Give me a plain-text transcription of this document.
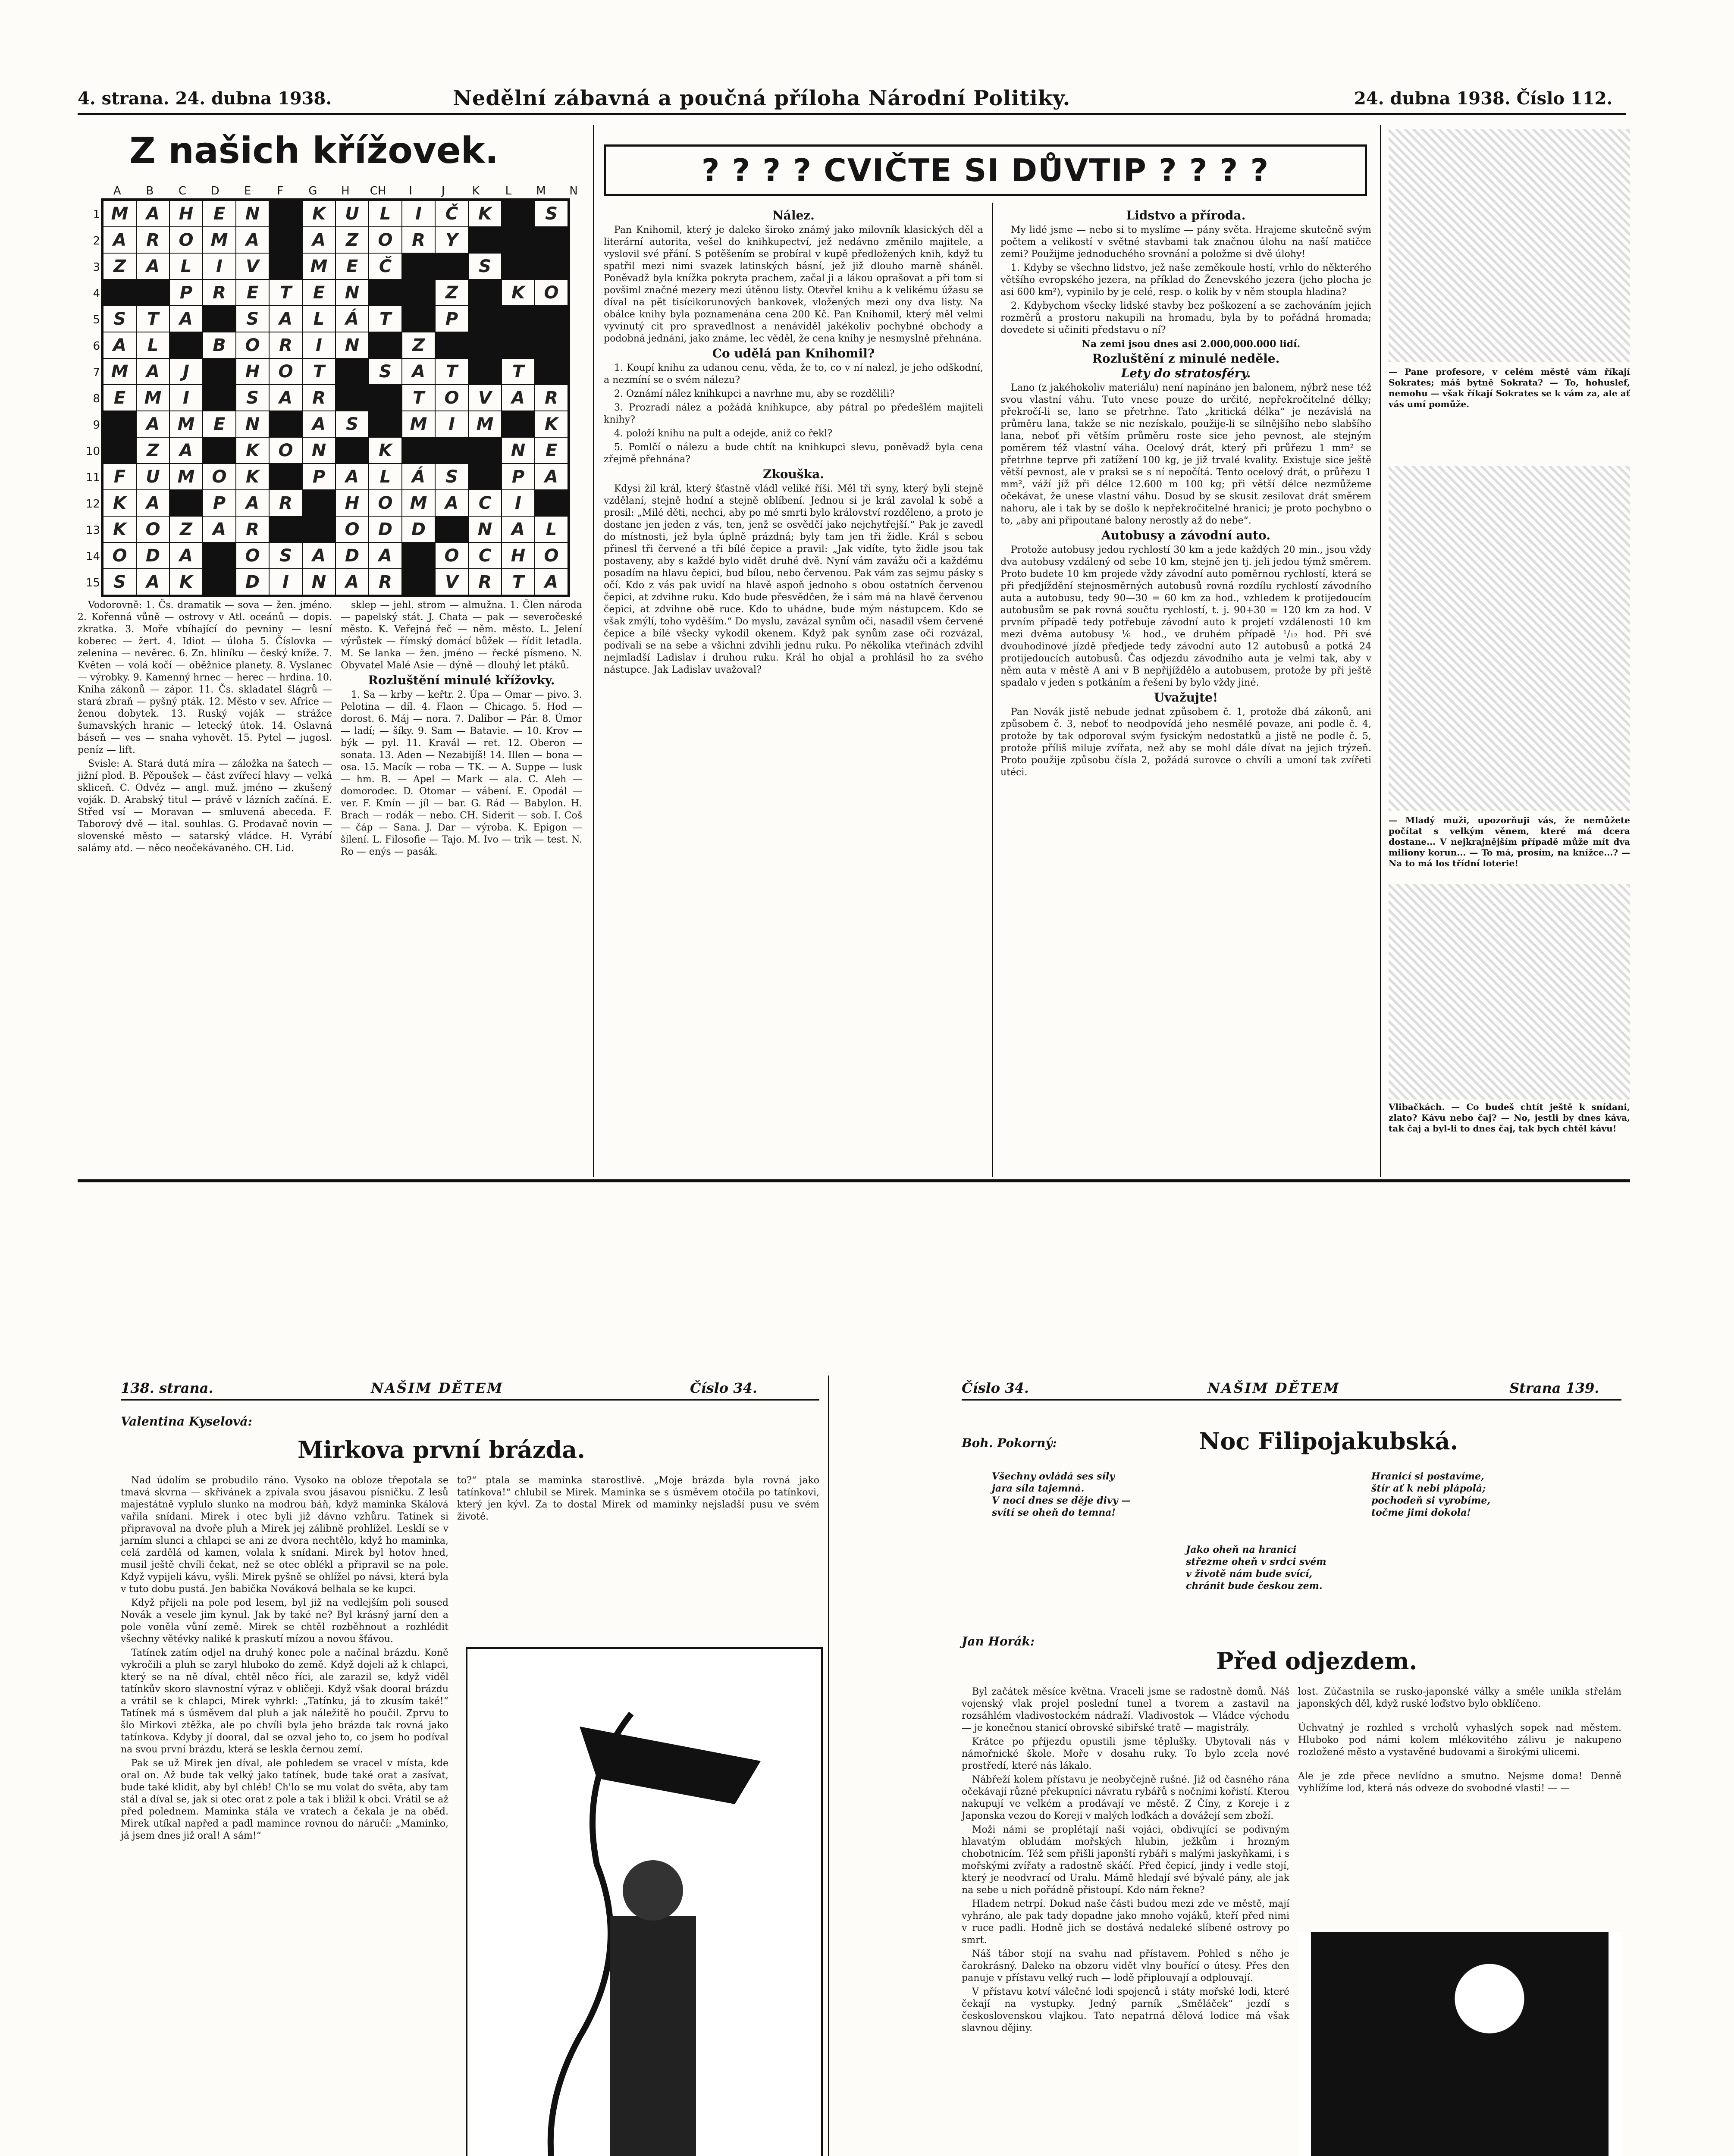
4. strana. 24. dubna 1938.	Nedělní zábavná a poučná příloha Národní Politiky.	24. dubna 1938. Číslo 112.
Z našich křížovek.
A	B	C	D	E	F	G	H	CH	I	J	K	L	M	N
1
2
3
4
5
6
7
8
9
10
11
12
13
14
15
M	A	H	E	N		K	U	L	I	Č	K		S
A	R	O	M	A		A	Z	O	R	Y			
Z	A	L	I	V		M	E	Č			S		
		P	R	E	T	E	N			Z		K	O
S	T	A		S	A	L	Á	T		P			
A	L		B	O	R	I	N		Z				
M	A	J		H	O	T		S	A	T		T	
E	M	I		S	A	R			T	O	V	A	R
	A	M	E	N		A	S		M	I	M		K
	Z	A		K	O	N		K				N	E
F	U	M	O	K		P	A	L	Á	S		P	A
K	A		P	A	R		H	O	M	A	C	I	
K	O	Z	A	R			O	D	D		N	A	L
O	D	A		O	S	A	D	A		O	C	H	O
S	A	K		D	I	N	A	R		V	R	T	A

Vodorovně: 1. Čs. dramatik — sova — žen. jméno. 2. Kořenná vůně — ostrovy v Atl. oceánů — dopis. zkratka. 3. Moře vbíhající do pevniny — lesní koberec — žert. 4. Idiot — úloha 5. Číslovka — zelenina — nevěrec. 6. Zn. hliníku — český kníže. 7. Květen — volá kočí — oběžnice planety. 8. Vyslanec — výrobky. 9. Kamenný hrnec — herec — hrdina. 10. Kniha zákonů — zápor. 11. Čs. skladatel šlágrů — stará zbraň — pyšný pták. 12. Město v sev. Africe — ženou dobytek. 13. Ruský voják — strážce šumavských hranic — letecký útok. 14. Oslavná báseň — ves — snaha vyhovět. 15. Pytel — jugosl. peníz — lift.

Svisle: A. Stará dutá míra — záložka na šatech — jižní plod. B. Pěpoušek — část zvířecí hlavy — velká skliceň. C. Odvéz — angl. muž. jméno — zkušený voják. D. Arabský titul — právě v lázních začíná. E. Střed vsí — Moravan — smluvená abeceda. F. Taborový dvě — ital. souhlas. G. Prodavač novin — slovenské město — satarský vládce. H. Vyrábí salámy atd. — něco neočekávaného. CH. Lid.

sklep — jehl. strom — almužna. 1. Člen národa — papelský stát. J. Chata — pak — severočeské město. K. Veřejná řeč — něm. město. L. Jelení výrůstek — římský domácí bůžek — řídit letadla. M. Se lanka — žen. jméno — řecké písmeno. N. Obyvatel Malé Asie — dýně — dlouhý let ptáků.

Rozluštění minulé křížovky.

1. Sa — krby — keřtr. 2. Úpa — Omar — pivo. 3. Pelotina — díl. 4. Flaon — Chicago. 5. Hod — dorost. 6. Máj — nora. 7. Dalibor — Pár. 8. Úmor — ladí; — šíky. 9. Sam — Batavie. — 10. Krov — býk — pyl. 11. Kravál — ret. 12. Oberon — sonata. 13. Aden — Nezabijíš! 14. Illen — bona — osa. 15. Macík — roba — TK. — A. Suppe — lusk — hm. B. — Apel — Mark — ala. C. Aleh — domorodec. D. Otomar — vábení. E. Opodál — ver. F. Kmín — jíl — bar. G. Rád — Babylon. H. Brach — rodák — nebo. CH. Siderit — sob. I. Coš — čáp — Sana. J. Dar — výroba. K. Epigon — šílení. L. Filosofie — Tajo. M. Ivo — trik — test. N. Ro — enýs — pasák.

? ? ? ? CVIČTE SI DŮVTIP ? ? ? ?
Nález.

Pan Knihomil, který je daleko široko známý jako milovník klasických děl a literární autorita, vešel do knihkupectví, jež nedávno změnilo majitele, a vyslovil své přání. S potěšením se probíral v kupě předložených knih, když tu spatřil mezi nimi svazek latinských básní, jež již dlouho marně sháněl. Poněvadž byla knížka pokryta prachem, začal ji a lákou oprašovat a při tom si povšiml značné mezery mezi útěnou listy. Otevřel knihu a k velikému úžasu se díval na pět tisícikorunových bankovek, vložených mezi ony dva listy. Na obálce knihy byla poznamenána cena 200 Kč. Pan Knihomil, který měl velmi vyvinutý cit pro spravedlnost a nenáviděl jakékoliv pochybné obchody a podobná jednání, jako známe, lec věděl, že cena knihy je nesmyslně přehnána.

Co udělá pan Knihomil?

1. Koupí knihu za udanou cenu, věda, že to, co v ní nalezl, je jeho odškodní, a nezmíní se o svém nálezu?

2. Oznámí nález knihkupci a navrhne mu, aby se rozdělili?

3. Prozradí nález a požádá knihkupce, aby pátral po předešlém majiteli knihy?

4. položí knihu na pult a odejde, aniž co řekl?

5. Pomlčí o nálezu a bude chtít na knihkupci slevu, poněvadž byla cena zřejmě přehnána?

Zkouška.

Kdysi žil král, který šťastně vládl veliké říši. Měl tři syny, který byli stejně vzdělaní, stejně hodní a stejně oblíbení. Jednou si je král zavolal k sobě a prosil: „Milé děti, nechci, aby po mé smrti bylo království rozděleno, a proto je dostane jen jeden z vás, ten, jenž se osvědčí jako nejchytřejší.“ Pak je zavedl do místnosti, jež byla úplně prázdná; byly tam jen tři židle. Král s sebou přinesl tři červené a tři bílé čepice a pravil: „Jak vidíte, tyto židle jsou tak postaveny, aby s každé bylo vidět druhé dvě. Nyní vám zavážu oči a každému posadím na hlavu čepici, bud bílou, nebo červenou. Pak vám zas sejmu pásky s očí. Kdo z vás pak uvidí na hlavě aspoň jednoho s obou ostatních červenou čepici, at zdvihne ruku. Kdo bude přesvědčen, že i sám má na hlavě červenou čepici, at zdvihne obě ruce. Kdo to uhádne, bude mým nástupcem. Kdo se však zmýlí, toho vyděším.“ Do myslu, zavázal synům oči, nasadil všem červené čepice a bílé všecky vykodil okenem. Když pak synům zase oči rozvázal, podívali se na sebe a všichni zdvihli jednu ruku. Po několika vteřinách zdvihl nejmladší Ladislav i druhou ruku. Král ho objal a prohlásil ho za svého nástupce. Jak Ladislav uvažoval?

Lidstvo a příroda.

My lidé jsme — nebo si to myslíme — pány světa. Hrajeme skutečně svým počtem a velikostí v světné stavbami tak značnou úlohu na naší matičce zemi? Použijme jednoduchého srovnání a položme si dvě úlohy!

1. Kdyby se všechno lidstvo, jež naše zeměkoule hostí, vrhlo do některého většího evropského jezera, na příklad do Ženevského jezera (jeho plocha je asi 600 km²), vypinilo by je celé, resp. o kolik by v něm stoupla hladina?

2. Kdybychom všecky lidské stavby bez poškození a se zachováním jejich rozměrů a prostoru nakupili na hromadu, byla by to pořádná hromada; dovedete si učiniti představu o ní?

Na zemi jsou dnes asi 2.000,000.000 lidí.

Rozluštění z minulé neděle.
Lety do stratosféry.

Lano (z jakéhokoliv materiálu) není napínáno jen balonem, nýbrž nese též svou vlastní váhu. Tuto vnese pouze do určité, nepřekročitelné délky; překročí-li se, lano se přetrhne. Tato „kritická délka“ je nezávislá na průměru lana, takže se nic nezískalo, použije-li se silnějšího nebo slabšího lana, neboť při větším průměru roste sice jeho pevnost, ale stejným poměrem též vlastní váha. Ocelový drát, který při průřezu 1 mm² se přetrhne teprve při zatížení 100 kg, je již trvalé kvality. Existuje sice ještě větší pevnost, ale v praksi se s ní nepočítá. Tento ocelový drát, o průřezu 1 mm², váží jíž při délce 12.600 m 100 kg; při větší délce nezmůžeme očekávat, že unese vlastní váhu. Dosud by se skusit zesilovat drát směrem nahoru, ale i tak by se došlo k nepřekročitelné hranici; je proto pochybno o to, „aby ani připoutané balony nerostly až do nebe“.

Autobusy a závodní auto.

Protože autobusy jedou rychlostí 30 km a jede každých 20 min., jsou vždy dva autobusy vzdálený od sebe 10 km, stejně jen tj. jeli jedou týmž směrem. Proto budete 10 km projede vždy závodní auto poměrnou rychlostí, která se při předjíždění stejnosměrných autobusů rovná rozdílu rychlostí závodního auta a autobusu, tedy 90—30 = 60 km za hod., vzhledem k protijedoucím autobusům se pak rovná součtu rychlostí, t. j. 90+30 = 120 km za hod. V prvním případě tedy potřebuje závodní auto k projetí vzdálenosti 10 km mezi dvěma autobusy ⅙ hod., ve druhém případě ¹/₁₂ hod. Při své dvouhodinové jízdě předjede tedy závodní auto 12 autobusů a potká 24 protijedoucích autobusů. Čas odjezdu závodního auta je velmi tak, aby v něm auta v městě A ani v B nepřijíždělo a autobusem, protože by při ještě spadalo v jeden s potkáním a řešení by bylo vždy jiné.

Uvažujte!

Pan Novák jistě nebude jednat způsobem č. 1, protože dbá zákonů, ani způsobem č. 3, neboť to neodpovídá jeho nesmělé povaze, ani podle č. 4, protože by tak odporoval svým fysickým nedostatků a jistě ne podle č. 5, protože příliš miluje zvířata, než aby se mohl dále dívat na jejich trýzeň. Proto použije způsobu čísla 2, požádá surovce o chvíli a umoní tak zvířeti utéci.

— Pane profesore, v celém městě vám říkají Sokrates; máš bytně Sokrata? — To, hohuslef, nemohu — však říkají Sokrates se k vám za, ale ať vás umí pomůže.
— Mladý muži, upozorňuji vás, že nemůžete počítat s velkým věnem, které má dcera dostane... V nejkrajnějším případě může mít dva miliony korun... — To má, prosím, na knížce...? — Na to má los třídní loterie!
Vlibačkách. — Co budeš chtít ještě k snídani, zlato? Kávu nebo čaj? — No, jestli by dnes káva, tak čaj a byl-li to dnes čaj, tak bych chtěl kávu!
138. strana.	NAŠIM DĚTEM	Číslo 34.
Valentina Kyselová:
Mirkova první brázda.

Nad údolím se probudilo ráno. Vysoko na obloze třepotala se tmavá skvrna — skřivánek a zpívala svou jásavou písničku. Z lesů majestátně vyplulo slunko na modrou báň, když maminka Skálová vařila snídani. Mirek i otec byli již dávno vzhůru. Tatínek si připravoval na dvoře pluh a Mirek jej zálibně prohlížel. Lesklí se v jarním slunci a chlapci se ani ze dvora nechtělo, když ho maminka, celá zardělá od kamen, volala k snídani. Mirek byl hotov hned, musil ještě chvíli čekat, než se otec oblékl a připravil se na pole. Když vypijeli kávu, vyšli. Mirek pyšně se ohlížel po návsi, která byla v tuto dobu pustá. Jen babička Nováková belhala se ke kupci.

Když přijeli na pole pod lesem, byl již na vedlejším poli soused Novák a vesele jim kynul. Jak by také ne? Byl krásný jarní den a pole voněla vůní země. Mirek se chtěl rozběhnout a rozhlédit všechny větévky naliké k praskutí mízou a novou šťávou.

Tatínek zatím odjel na druhý konec pole a načínal brázdu. Koně vykročili a pluh se zaryl hluboko do země. Když dojeli až k chlapci, který se na ně díval, chtěl něco říci, ale zarazil se, když viděl tatínkův skoro slavnostní výraz v obličeji. Když však dooral brázdu a vrátil se k chlapci, Mirek vyhrkl: „Tatínku, já to zkusím také!“ Tatínek má s úsměvem dal pluh a jak náležitě ho poučil. Zprvu to šlo Mirkovi ztěžka, ale po chvíli byla jeho brázda tak rovná jako tatínkova. Kdyby jí dooral, dal se ozval jeho to, co jsem ho podíval na svou první brázdu, která se leskla černou zemí.

Pak se už Mirek jen díval, ale pohledem se vracel v místa, kde oral on. Až bude tak velký jako tatínek, bude také orat a zasívat, bude také klidit, aby byl chléb! Ch'lo se mu volat do světa, aby tam stál a díval se, jak si otec orat z pole a tak i bližil k obci. Vrátil se až před polednem. Maminka stála ve vratech a čekala je na oběd. Mirek utíkal napřed a padl mamince rovnou do náručí: „Maminko, já jsem dnes již oral! A sám!“

to?“ ptala se maminka starostlivě. „Moje brázda byla rovná jako tatínkova!“ chlubil se Mirek. Maminka se s úsměvem otočila po tatínkovi, který jen kývl. Za to dostal Mirek od maminky nejsladší pusu ve svém životě.
Číslo 34.	NAŠIM DĚTEM	Strana 139.
Boh. Pokorný:	Noc Filipojakubská.
Všechny ovládá ses síly
jara síla tajemná.
V noci dnes se děje divy —
svítí se oheň do temna!
Hranicí si postavíme,
štír ať k nebi plápolá;
pochodeň si vyrobíme,
točme jimi dokola!
Jako oheň na hranici
střezme oheň v srdci svém
v životě nám bude svící,
chránit bude českou zem.
Jan Horák:
Před odjezdem.

Byl začátek měsíce května. Vraceli jsme se radostně domů. Náš vojenský vlak projel poslední tunel a tvorem a zastavil na rozsáhlém vladivostockém nádraží. Vladivostok — Vládce východu — je konečnou stanicí obrovské sibiřské tratě — magistrály.

Krátce po příjezdu opustili jsme těplušky. Ubytovali nás v námořnické škole. Moře v dosahu ruky. To bylo zcela nové prostředí, které nás lákalo.

Nábřeží kolem přístavu je neobyčejně rušné. Již od časného rána očekávají různé překupníci návratu rybářů s nočními kořistí. Kterou nakupují ve velkém a prodávají ve městě. Z Číny, z Koreje i z Japonska vezou do Koreji v malých loďkách a dovážejí sem zboží.

Moži námi se proplétají naši vojáci, obdivující se podivným hlavatým obludám mořských hlubin, ježkům i hrozným chobotnicím. Též sem přišli japonští rybáři s malými jaskyňkami, i s mořskými zvířaty a radostně skáčí. Před čepicí, jindy i vedle stojí, který je neodvrací od Uralu. Mámě hledají své bývalé pány, ale jak na sebe u nich pořádně přistoupí. Kdo nám řekne?

Hladem netrpí. Dokud naše části budou mezi zde ve městě, mají vyhráno, ale pak tady dopadne jako mnoho vojáků, kteří před nimi v ruce padli. Hodně jich se dostává nedaleké slíbené ostrovy po smrt.

Náš tábor stojí na svahu nad přístavem. Pohled s něho je čarokrásný. Daleko na obzoru vidět vlny bouřící o útesy. Přes den panuje v přístavu velký ruch — lodě připlouvají a odplouvají.

V přístavu kotví válečné lodi spojenců i státy mořské lodi, které čekají na vystupky. Jedný parník „Směláček“ jezdí s československou vlajkou. Tato nepatrná dělová lodice má však slavnou dějiny.

lost. Zúčastnila se rusko-japonské války a směle unikla střelám japonských děl, když ruské loďstvo bylo obklíčeno.

Úchvatný je rozhled s vrcholů vyhaslých sopek nad městem. Hluboko pod námi kolem mlékovitého zálivu je nakupeno rozložené město a vystavěné budovami a širokými ulicemi.

Ale je zde přece nevlídno a smutno. Nejsme doma! Denně vyhlížíme lod, která nás odveze do svobodné vlasti! — —
